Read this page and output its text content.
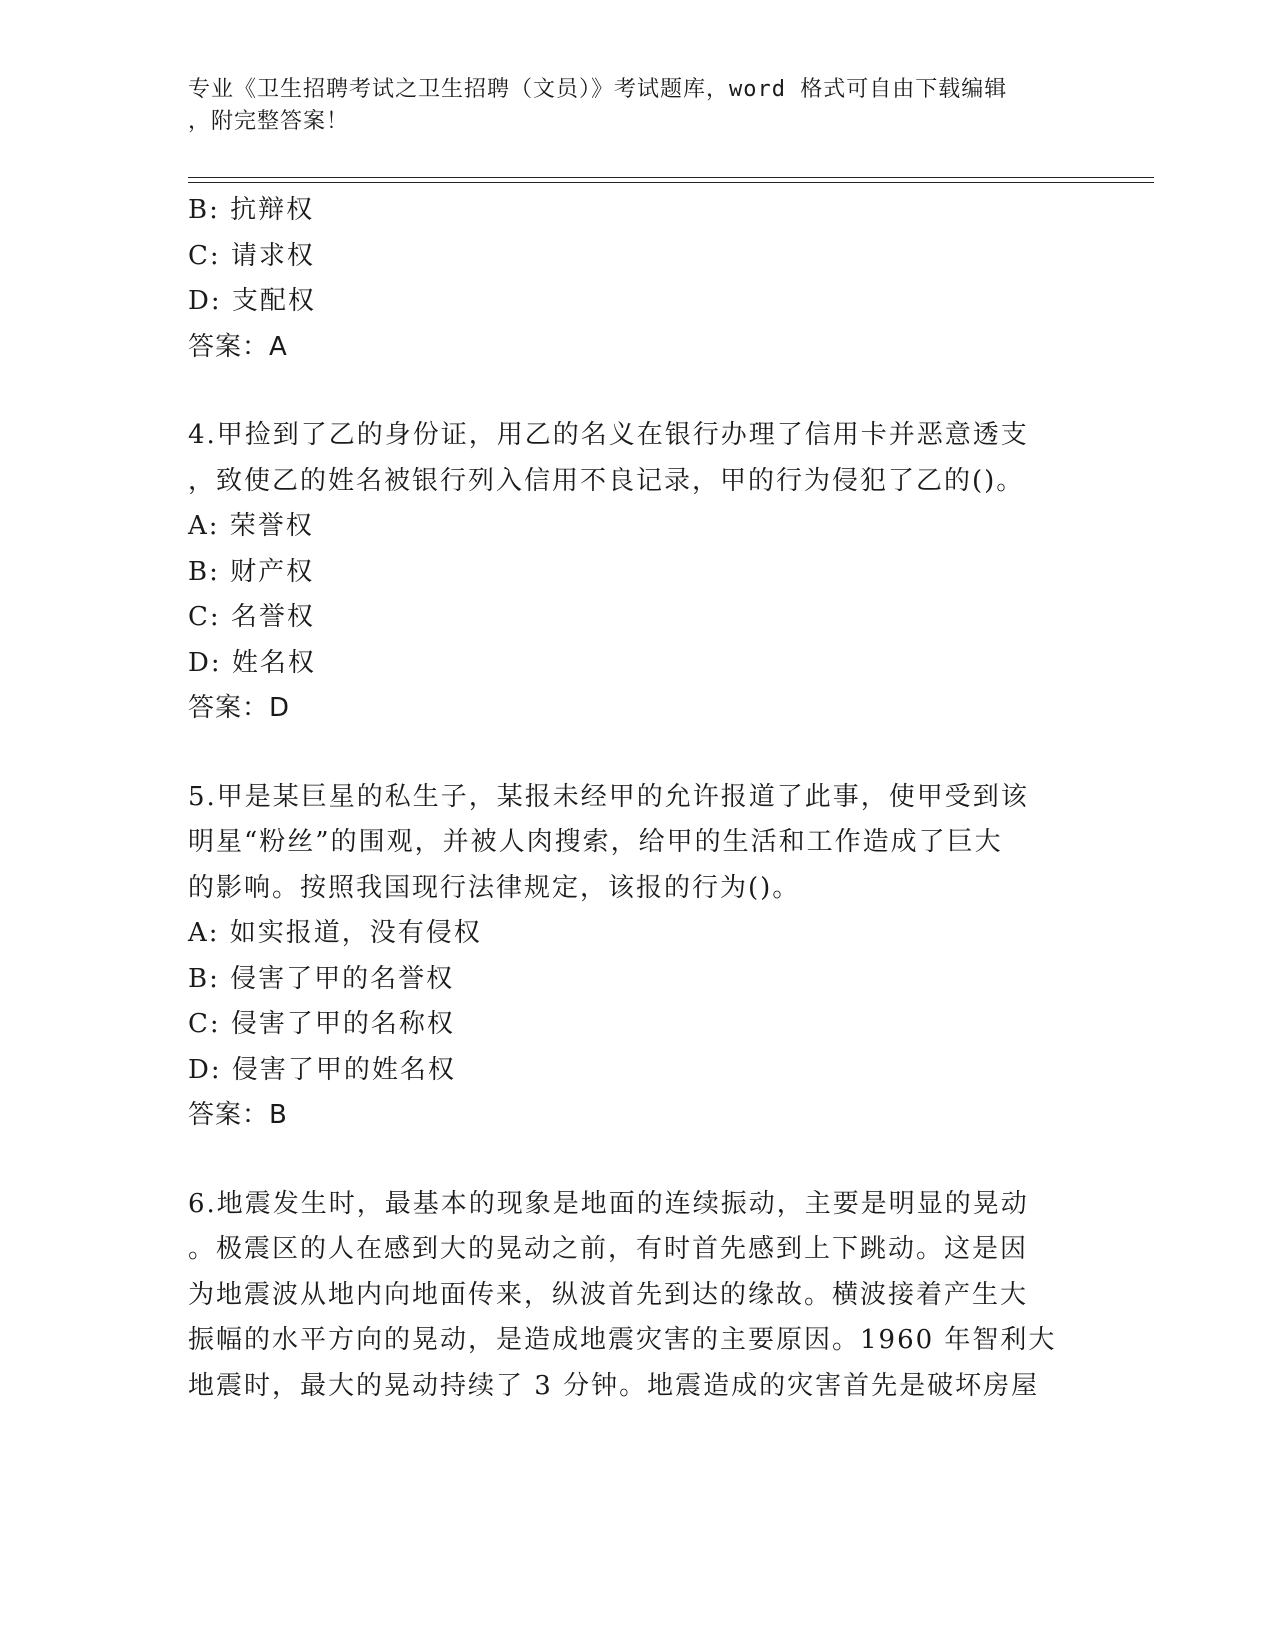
专业《卫生招聘考试之卫生招聘（文员）》考试题库，word 格式可自由下载编辑
，附完整答案！
B: 抗辩权
C: 请求权
D: 支配权
答案：A
4.甲捡到了乙的身份证，用乙的名义在银行办理了信用卡并恶意透支
，致使乙的姓名被银行列入信用不良记录，甲的行为侵犯了乙的()。
A: 荣誉权
B: 财产权
C: 名誉权
D: 姓名权
答案：D
5.甲是某巨星的私生子，某报未经甲的允许报道了此事，使甲受到该
明星“粉丝”的围观，并被人肉搜索，给甲的生活和工作造成了巨大
的影响。按照我国现行法律规定，该报的行为()。
A: 如实报道，没有侵权
B: 侵害了甲的名誉权
C: 侵害了甲的名称权
D: 侵害了甲的姓名权
答案：B
6.地震发生时，最基本的现象是地面的连续振动，主要是明显的晃动
。极震区的人在感到大的晃动之前，有时首先感到上下跳动。这是因
为地震波从地内向地面传来，纵波首先到达的缘故。横波接着产生大
振幅的水平方向的晃动，是造成地震灾害的主要原因。1960 年智利大
地震时，最大的晃动持续了 3 分钟。地震造成的灾害首先是破坏房屋
